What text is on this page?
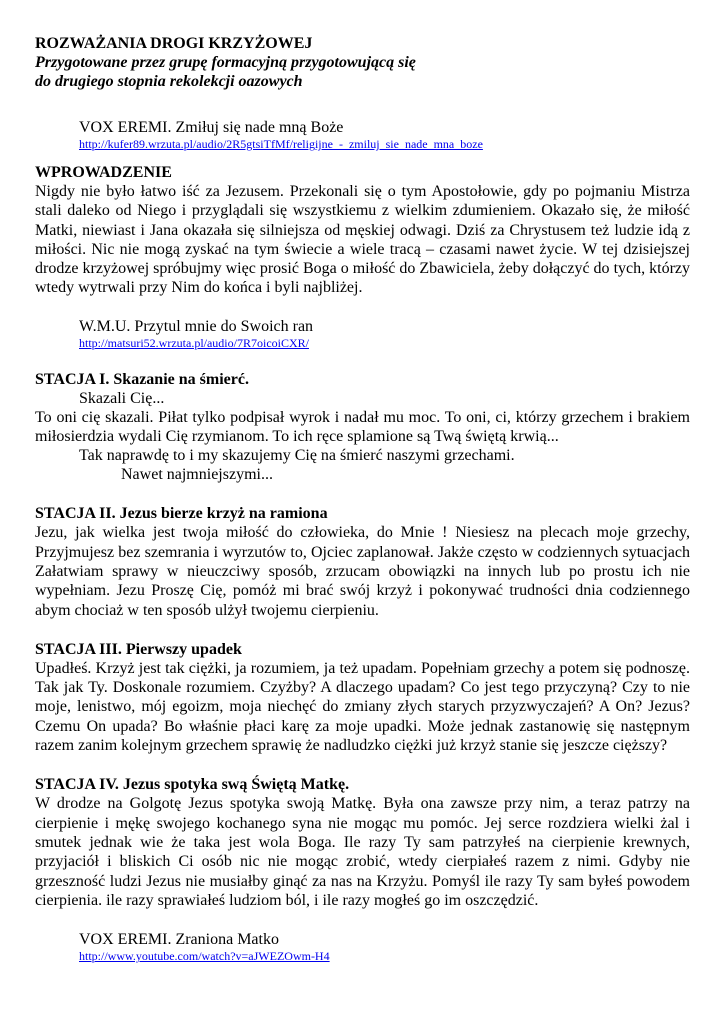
ROZWAŻANIA DROGI KRZYŻOWEJ

Przygotowane przez grupę formacyjną przygotowującą się

do drugiego stopnia rekolekcji oazowych

VOX EREMI. Zmiłuj się nade mną Boże
http://kufer89.wrzuta.pl/audio/2R5gtsiTfMf/religijne_-_zmiluj_sie_nade_mna_boze

WPROWADZENIE

Nigdy nie było łatwo iść za Jezusem. Przekonali się o tym Apostołowie, gdy po pojmaniu Mistrza stali daleko od Niego i przyglądali się wszystkiemu z wielkim zdumieniem. Okazało się, że miłość Matki, niewiast i Jana okazała się silniejsza od męskiej odwagi. Dziś za Chrystusem też ludzie idą z miłości. Nic nie mogą zyskać na tym świecie a wiele tracą – czasami nawet życie. W tej dzisiejszej drodze krzyżowej spróbujmy więc prosić Boga o miłość do Zbawiciela, żeby dołączyć do tych, którzy wtedy wytrwali przy Nim do końca i byli najbliżej.

W.M.U. Przytul mnie do Swoich ran
http://matsuri52.wrzuta.pl/audio/7R7oicoiCXR/

STACJA I. Skazanie na śmierć.

Skazali Cię...

To oni cię skazali. Piłat tylko podpisał wyrok i nadał mu moc. To oni, ci, którzy grzechem i brakiem miłosierdzia wydali Cię rzymianom. To ich ręce splamione są Twą świętą krwią...

Tak naprawdę to i my skazujemy Cię na śmierć naszymi grzechami.

Nawet najmniejszymi...

STACJA II. Jezus bierze krzyż na ramiona

Jezu, jak wielka jest twoja miłość do człowieka, do Mnie ! Niesiesz na plecach moje grzechy, Przyjmujesz bez szemrania i wyrzutów to, Ojciec zaplanował. Jakże często w codziennych sytuacjach Załatwiam sprawy w nieuczciwy sposób, zrzucam obowiązki na innych lub po prostu ich nie wypełniam. Jezu Proszę Cię, pomóż mi brać swój krzyż i pokonywać trudności dnia codziennego abym chociaż w ten sposób ulżył twojemu cierpieniu.

STACJA III. Pierwszy upadek

Upadłeś. Krzyż jest tak ciężki, ja rozumiem, ja też upadam. Popełniam grzechy a potem się podnoszę. Tak jak Ty. Doskonale rozumiem. Czyżby? A dlaczego upadam? Co jest tego przyczyną? Czy to nie moje, lenistwo, mój egoizm, moja niechęć do zmiany złych starych przyzwyczajeń? A On? Jezus? Czemu On upada? Bo właśnie płaci karę za moje upadki. Może jednak zastanowię się następnym razem zanim kolejnym grzechem sprawię że nadludzko ciężki już krzyż stanie się jeszcze cięższy?

STACJA IV. Jezus spotyka swą Świętą Matkę.

W drodze na Golgotę Jezus spotyka swoją Matkę. Była ona zawsze przy nim, a teraz patrzy na cierpienie i mękę swojego kochanego syna nie mogąc mu pomóc. Jej serce rozdziera wielki żal i smutek jednak wie że taka jest wola Boga. Ile razy Ty sam patrzyłeś na cierpienie krewnych, przyjaciół i bliskich Ci osób nic nie mogąc zrobić, wtedy cierpiałeś razem z nimi. Gdyby nie grzeszność ludzi Jezus nie musiałby ginąć za nas na Krzyżu. Pomyśl ile razy Ty sam byłeś powodem cierpienia. ile razy sprawiałeś ludziom ból, i ile razy mogłeś go im oszczędzić.

VOX EREMI. Zraniona Matko
http://www.youtube.com/watch?v=aJWEZOwm-H4
